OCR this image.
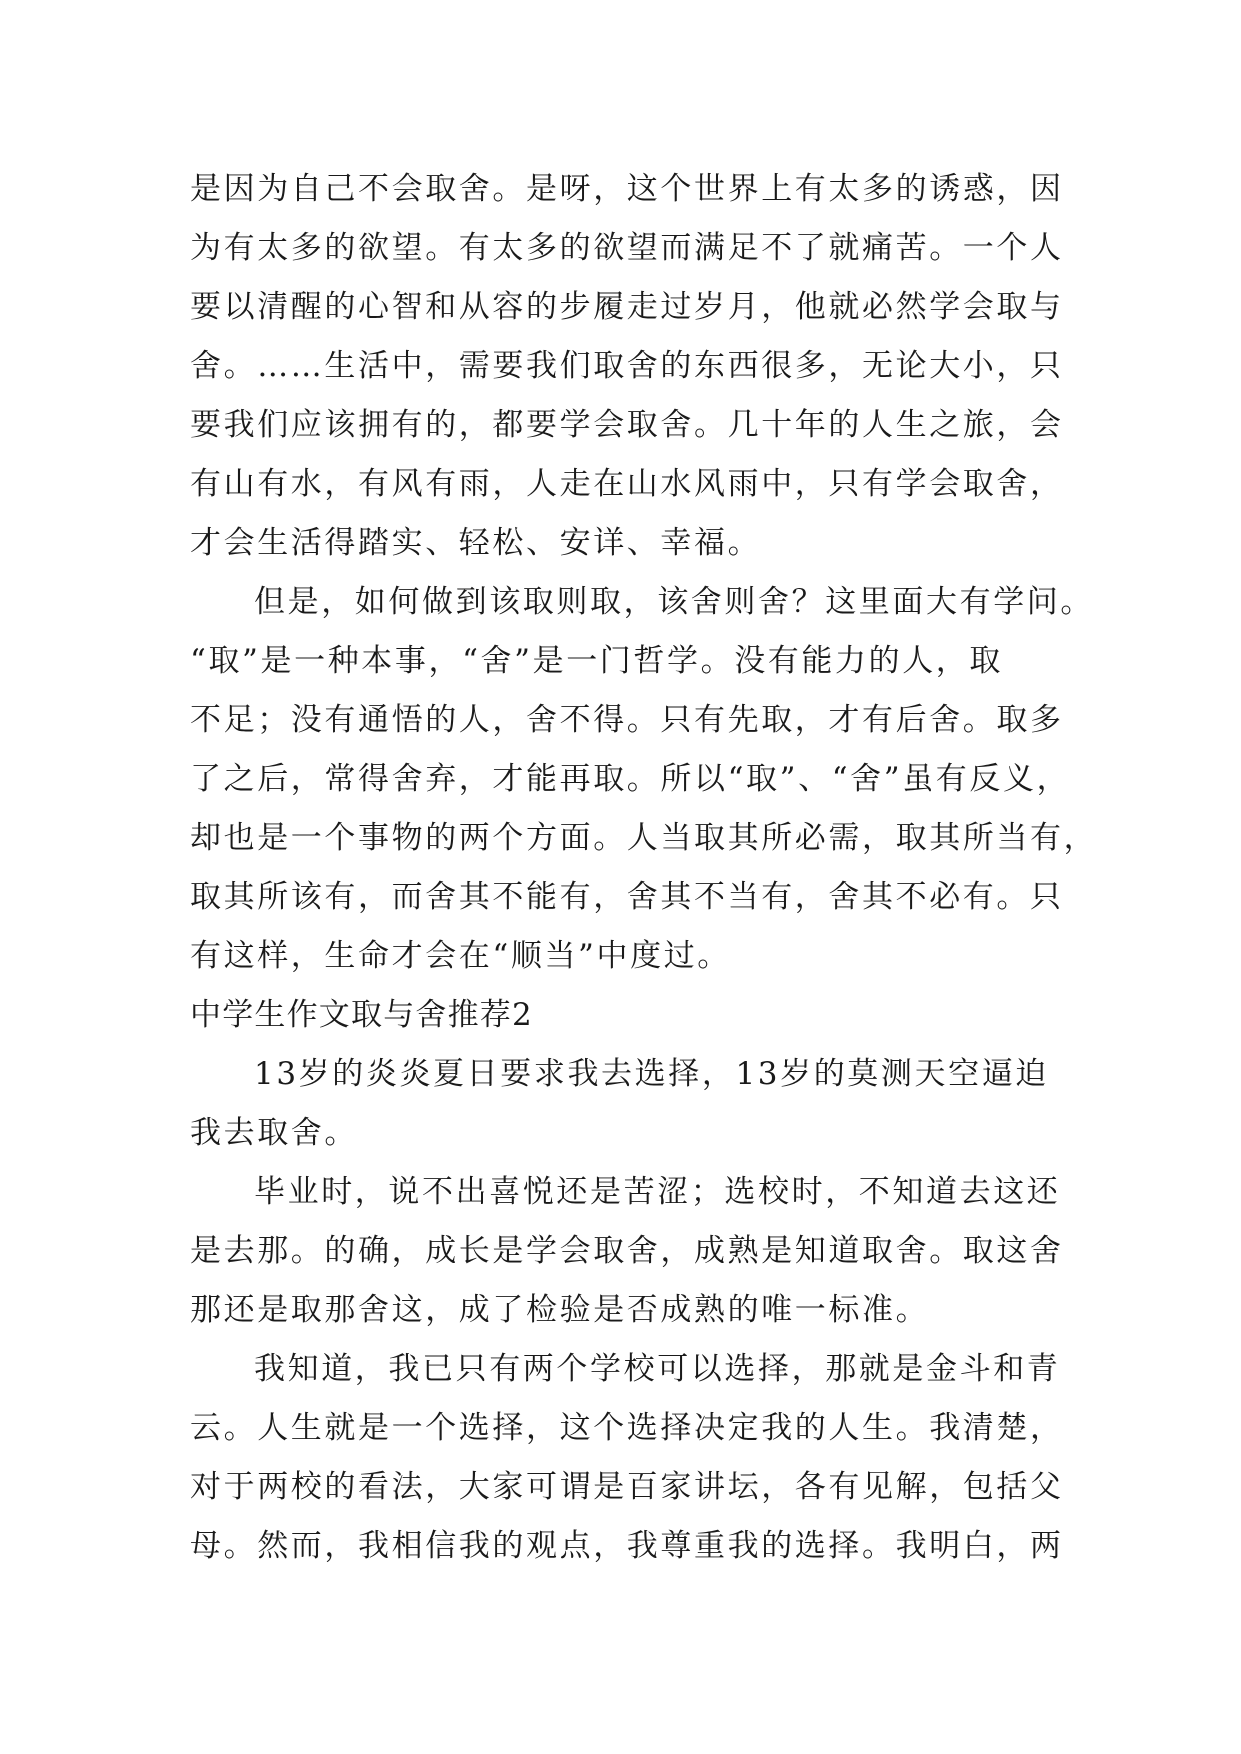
是因为自己不会取舍。是呀，这个世界上有太多的诱惑，因
为有太多的欲望。有太多的欲望而满足不了就痛苦。一个人
要以清醒的心智和从容的步履走过岁月，他就必然学会取与
舍。……生活中，需要我们取舍的东西很多，无论大小，只
要我们应该拥有的，都要学会取舍。几十年的人生之旅，会
有山有水，有风有雨，人走在山水风雨中，只有学会取舍，
才会生活得踏实、轻松、安详、幸福。
但是，如何做到该取则取，该舍则舍？这里面大有学问。
“取”是一种本事，“舍”是一门哲学。没有能力的人，取
不足；没有通悟的人，舍不得。只有先取，才有后舍。取多
了之后，常得舍弃，才能再取。所以“取”、“舍”虽有反义，
却也是一个事物的两个方面。人当取其所必需，取其所当有，
取其所该有，而舍其不能有，舍其不当有，舍其不必有。只
有这样，生命才会在“顺当”中度过。
中学生作文取与舍推荐2
13岁的炎炎夏日要求我去选择，13岁的莫测天空逼迫
我去取舍。
毕业时，说不出喜悦还是苦涩；选校时，不知道去这还
是去那。的确，成长是学会取舍，成熟是知道取舍。取这舍
那还是取那舍这，成了检验是否成熟的唯一标准。
我知道，我已只有两个学校可以选择，那就是金斗和青
云。人生就是一个选择，这个选择决定我的人生。我清楚，
对于两校的看法，大家可谓是百家讲坛，各有见解，包括父
母。然而，我相信我的观点，我尊重我的选择。我明白，两
